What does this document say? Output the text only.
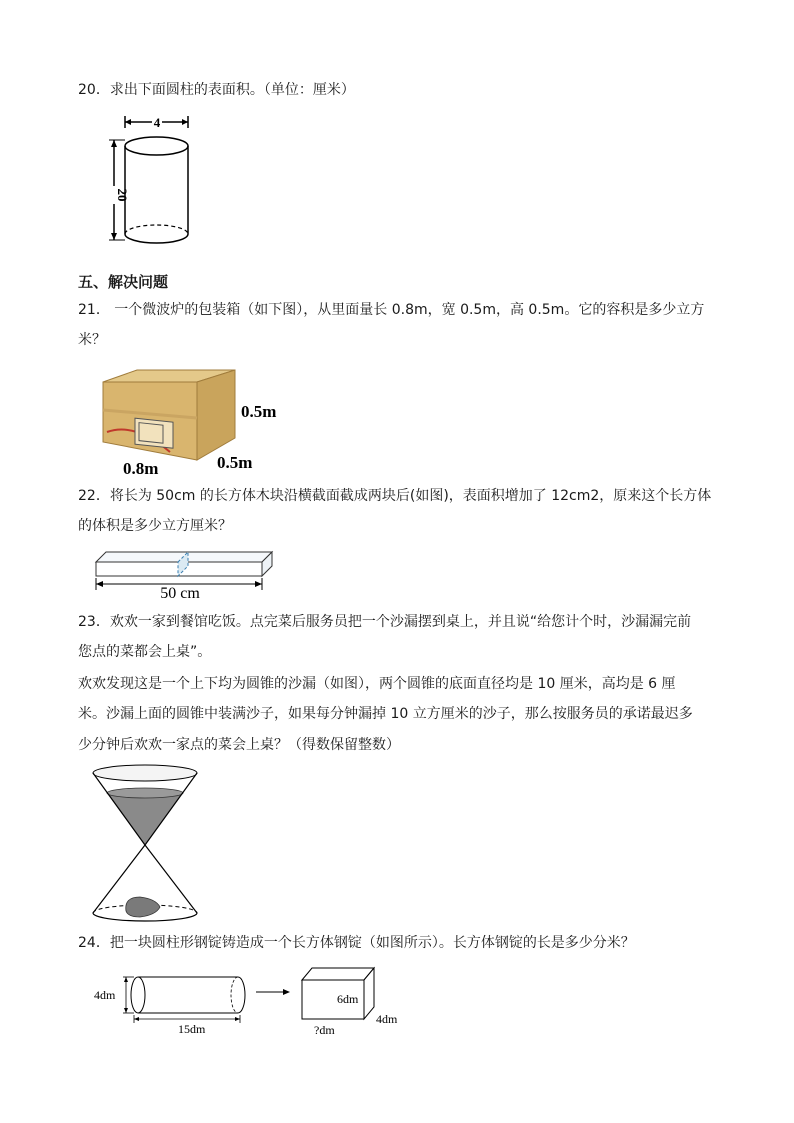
20．求出下面圆柱的表面积。（单位：厘米）
4
20
五、解决问题
21． 一个微波炉的包装箱（如下图），从里面量长 0.8m，宽 0.5m，高 0.5m。它的容积是多少立方
米？
0.5m
0.8m	0.5m
22．将长为 50cm 的长方体木块沿横截面截成两块后(如图)，表面积增加了 12cm2，原来这个长方体
的体积是多少立方厘米？
50 cm
23．欢欢一家到餐馆吃饭。点完菜后服务员把一个沙漏摆到桌上，并且说“给您计个时，沙漏漏完前
您点的菜都会上桌”。
欢欢发现这是一个上下均为圆锥的沙漏（如图），两个圆锥的底面直径均是 10 厘米，高均是 6 厘
米。沙漏上面的圆锥中装满沙子，如果每分钟漏掉 10 立方厘米的沙子，那么按服务员的承诺最迟多
少分钟后欢欢一家点的菜会上桌？（得数保留整数）
24．把一块圆柱形钢锭铸造成一个长方体钢锭（如图所示）。长方体钢锭的长是多少分米？
4dm
15dm
6dm
4dm
?dm
